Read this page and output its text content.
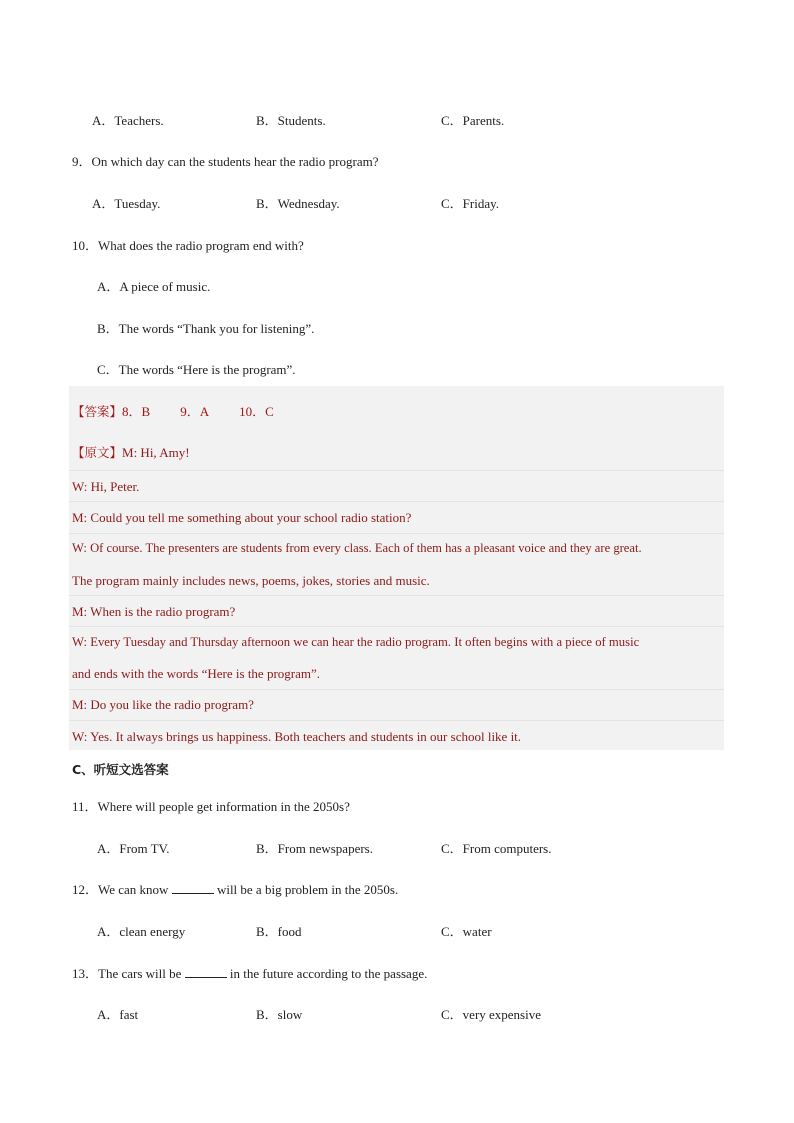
A．Teachers.	B．Students.	C．Parents.
9．On which day can the students hear the radio program?
A．Tuesday.	B．Wednesday.	C．Friday.
10．What does the radio program end with?
A．A piece of music.
B．The words “Thank you for listening”.
C．The words “Here is the program”.
【答案】8．B 9．A 10．C
【原文】M: Hi, Amy!
W: Hi, Peter.
M: Could you tell me something about your school radio station?
W: Of course. The presenters are students from every class. Each of them has a pleasant voice and they are great.
The program mainly includes news, poems, jokes, stories and music.
M: When is the radio program?
W: Every Tuesday and Thursday afternoon we can hear the radio program. It often begins with a piece of music
and ends with the words “Here is the program”.
M: Do you like the radio program?
W: Yes. It always brings us happiness. Both teachers and students in our school like it.
C、听短文选答案
11．Where will people get information in the 2050s?
A．From TV.	B．From newspapers.	C．From computers.
12．We can know	will be a big problem in the 2050s.
A．clean energy	B．food	C．water
13．The cars will be	in the future according to the passage.
A．fast	B．slow	C．very expensive
